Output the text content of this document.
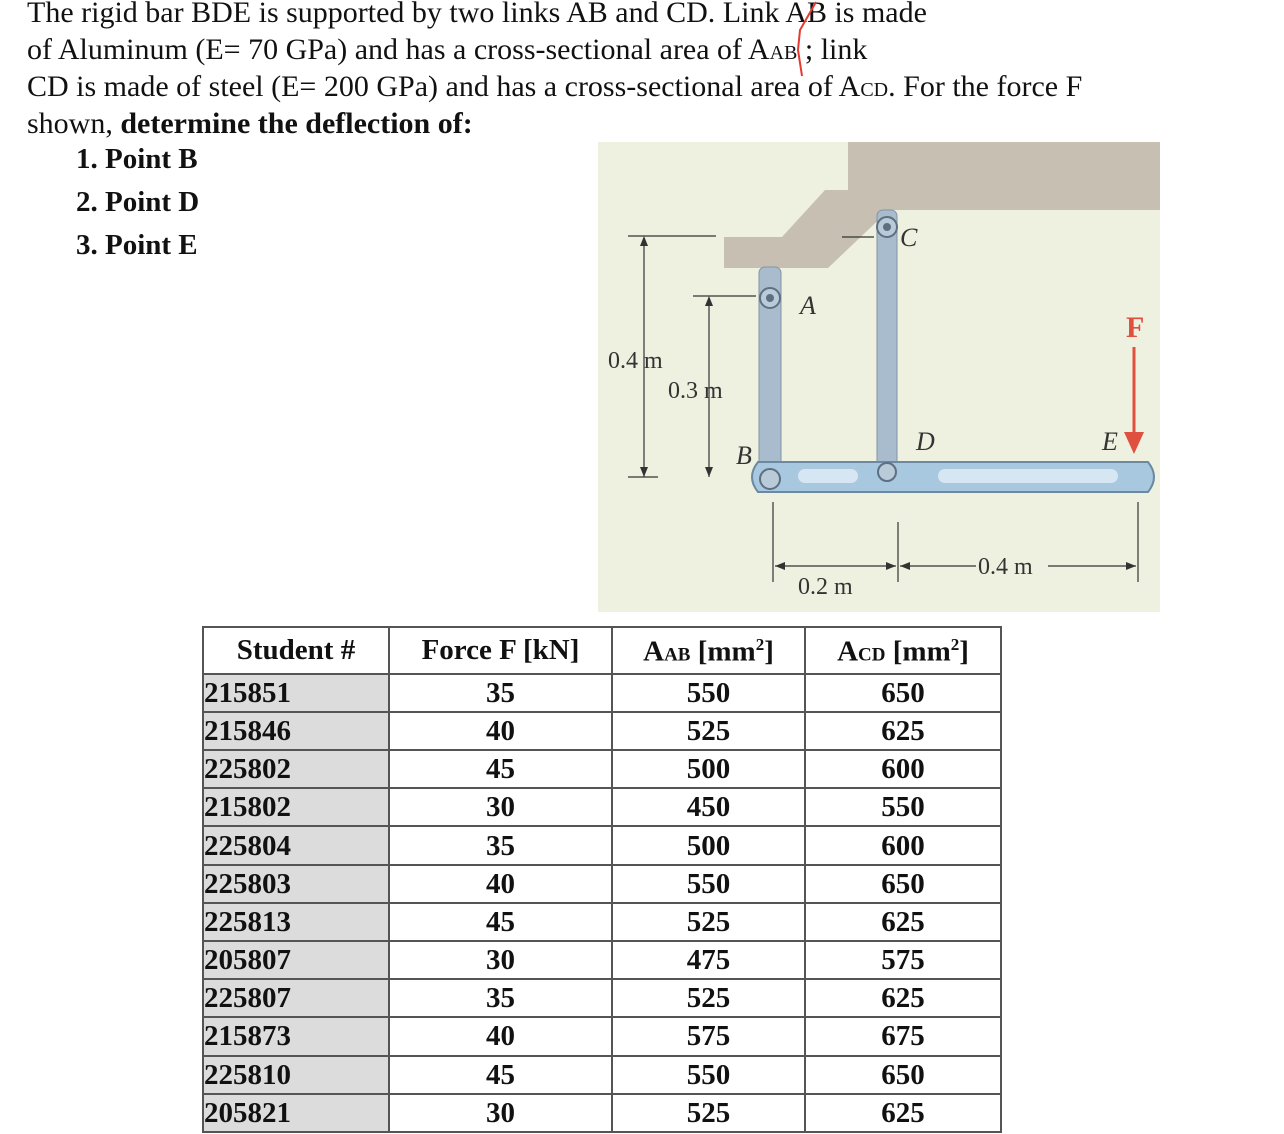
The rigid bar BDE is supported by two links AB and CD. Link AB is made
of Aluminum (E= 70 GPa) and has a cross-sectional area of AAB ; link
CD is made of steel (E= 200 GPa) and has a cross-sectional area of ACD. For the force F
shown, determine the deflection of:
1. Point B
2. Point D
3. Point E	C
A
B	D	E
F
0.4 m
0.3 m
0.2 m
0.4 m
Student #	Force F [kN]	AAB $[mm^2]$	ACD $[mm^2]$
215851	35	550	650
215846	40	525	625
225802	45	500	600
215802	30	450	550
225804	35	500	600
225803	40	550	650
225813	45	525	625
205807	30	475	575
225807	35	525	625
215873	40	575	675
225810	45	550	650
205821	30	525	625
